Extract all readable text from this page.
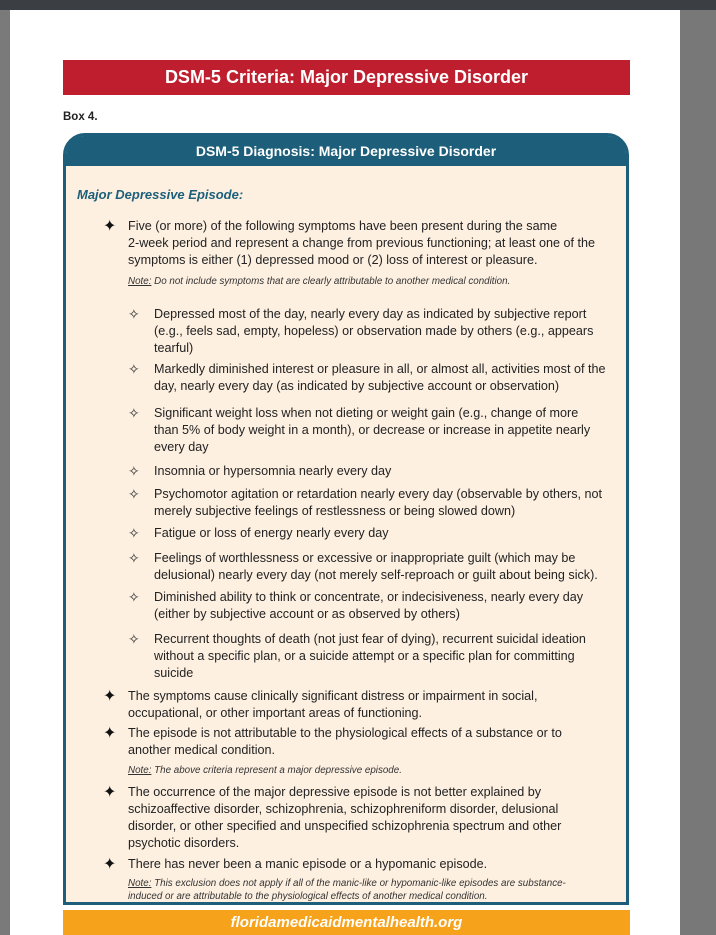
DSM-5 Criteria: Major Depressive Disorder
Box 4.
DSM-5 Diagnosis: Major Depressive Disorder
Major Depressive Episode:
✦ Five (or more) of the following symptoms have been present during the same
2-week period and represent a change from previous functioning; at least one of the
symptoms is either (1) depressed mood or (2) loss of interest or pleasure.
Note: Do not include symptoms that are clearly attributable to another medical condition.
✧ Depressed most of the day, nearly every day as indicated by subjective report
(e.g., feels sad, empty, hopeless) or observation made by others (e.g., appears
tearful)
✧ Markedly diminished interest or pleasure in all, or almost all, activities most of the
day, nearly every day (as indicated by subjective account or observation)
✧ Significant weight loss when not dieting or weight gain (e.g., change of more
than 5% of body weight in a month), or decrease or increase in appetite nearly
every day
✧ Insomnia or hypersomnia nearly every day
✧ Psychomotor agitation or retardation nearly every day (observable by others, not
merely subjective feelings of restlessness or being slowed down)
✧ Fatigue or loss of energy nearly every day
✧ Feelings of worthlessness or excessive or inappropriate guilt (which may be
delusional) nearly every day (not merely self-reproach or guilt about being sick).
✧ Diminished ability to think or concentrate, or indecisiveness, nearly every day
(either by subjective account or as observed by others)
✧ Recurrent thoughts of death (not just fear of dying), recurrent suicidal ideation
without a specific plan, or a suicide attempt or a specific plan for committing
suicide
✦ The symptoms cause clinically significant distress or impairment in social,
occupational, or other important areas of functioning.
✦ The episode is not attributable to the physiological effects of a substance or to
another medical condition.
Note: The above criteria represent a major depressive episode.
✦ The occurrence of the major depressive episode is not better explained by
schizoaffective disorder, schizophrenia, schizophreniform disorder, delusional
disorder, or other specified and unspecified schizophrenia spectrum and other
psychotic disorders.
✦ There has never been a manic episode or a hypomanic episode.
Note: This exclusion does not apply if all of the manic-like or hypomanic-like episodes are substance-
induced or are attributable to the physiological effects of another medical condition.
floridamedicaidmentalhealth.org
